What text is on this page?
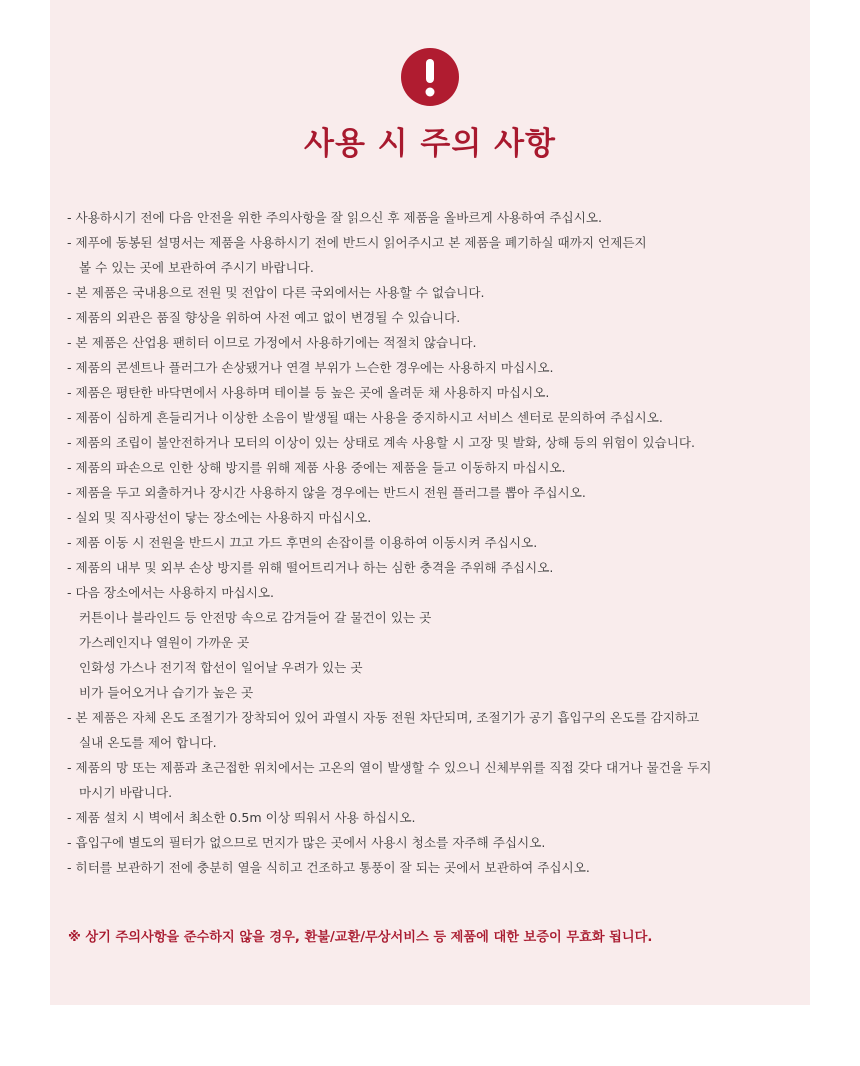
사용 시 주의 사항
- 사용하시기 전에 다음 안전을 위한 주의사항을 잘 읽으신 후 제품을 올바르게 사용하여 주십시오.
- 제푸에 동봉된 설명서는 제품을 사용하시기 전에 반드시 읽어주시고 본 제품을 폐기하실 때까지 언제든지
볼 수 있는 곳에 보관하여 주시기 바랍니다.
- 본 제품은 국내용으로 전원 및 전압이 다른 국외에서는 사용할 수 없습니다.
- 제품의 외관은 품질 향상을 위하여 사전 예고 없이 변경될 수 있습니다.
- 본 제품은 산업용 팬히터 이므로 가정에서 사용하기에는 적절치 않습니다.
- 제품의 콘센트나 플러그가 손상됐거나 연결 부위가 느슨한 경우에는 사용하지 마십시오.
- 제품은 평탄한 바닥면에서 사용하며 테이블 등 높은 곳에 올려둔 채 사용하지 마십시오.
- 제품이 심하게 흔들리거나 이상한 소음이 발생될 때는 사용을 중지하시고 서비스 센터로 문의하여 주십시오.
- 제품의 조립이 불안전하거나 모터의 이상이 있는 상태로 계속 사용할 시 고장 및 발화, 상해 등의 위험이 있습니다.
- 제품의 파손으로 인한 상해 방지를 위해 제품 사용 중에는 제품을 들고 이동하지 마십시오.
- 제품을 두고 외출하거나 장시간 사용하지 않을 경우에는 반드시 전원 플러그를 뽑아 주십시오.
- 실외 및 직사광선이 닿는 장소에는 사용하지 마십시오.
- 제품 이동 시 전원을 반드시 끄고 가드 후면의 손잡이를 이용하여 이동시켜 주십시오.
- 제품의 내부 및 외부 손상 방지를 위해 떨어트리거나 하는 심한 충격을 주위해 주십시오.
- 다음 장소에서는 사용하지 마십시오.
커튼이나 블라인드 등 안전망 속으로 감겨들어 갈 물건이 있는 곳
가스레인지나 열원이 가까운 곳
인화성 가스나 전기적 합선이 일어날 우려가 있는 곳
비가 들어오거나 습기가 높은 곳
- 본 제품은 자체 온도 조절기가 장착되어 있어 과열시 자동 전원 차단되며, 조절기가 공기 흡입구의 온도를 감지하고
실내 온도를 제어 합니다.
- 제품의 망 또는 제품과 초근접한 위치에서는 고온의 열이 발생할 수 있으니 신체부위를 직접 갖다 대거나 물건을 두지
마시기 바랍니다.
- 제품 설치 시 벽에서 최소한 0.5m 이상 띄워서 사용 하십시오.
- 흡입구에 별도의 필터가 없으므로 먼지가 많은 곳에서 사용시 청소를 자주해 주십시오.
- 히터를 보관하기 전에 충분히 열을 식히고 건조하고 통풍이 잘 되는 곳에서 보관하여 주십시오.
※ 상기 주의사항을 준수하지 않을 경우, 환불/교환/무상서비스 등 제품에 대한 보증이 무효화 됩니다.
